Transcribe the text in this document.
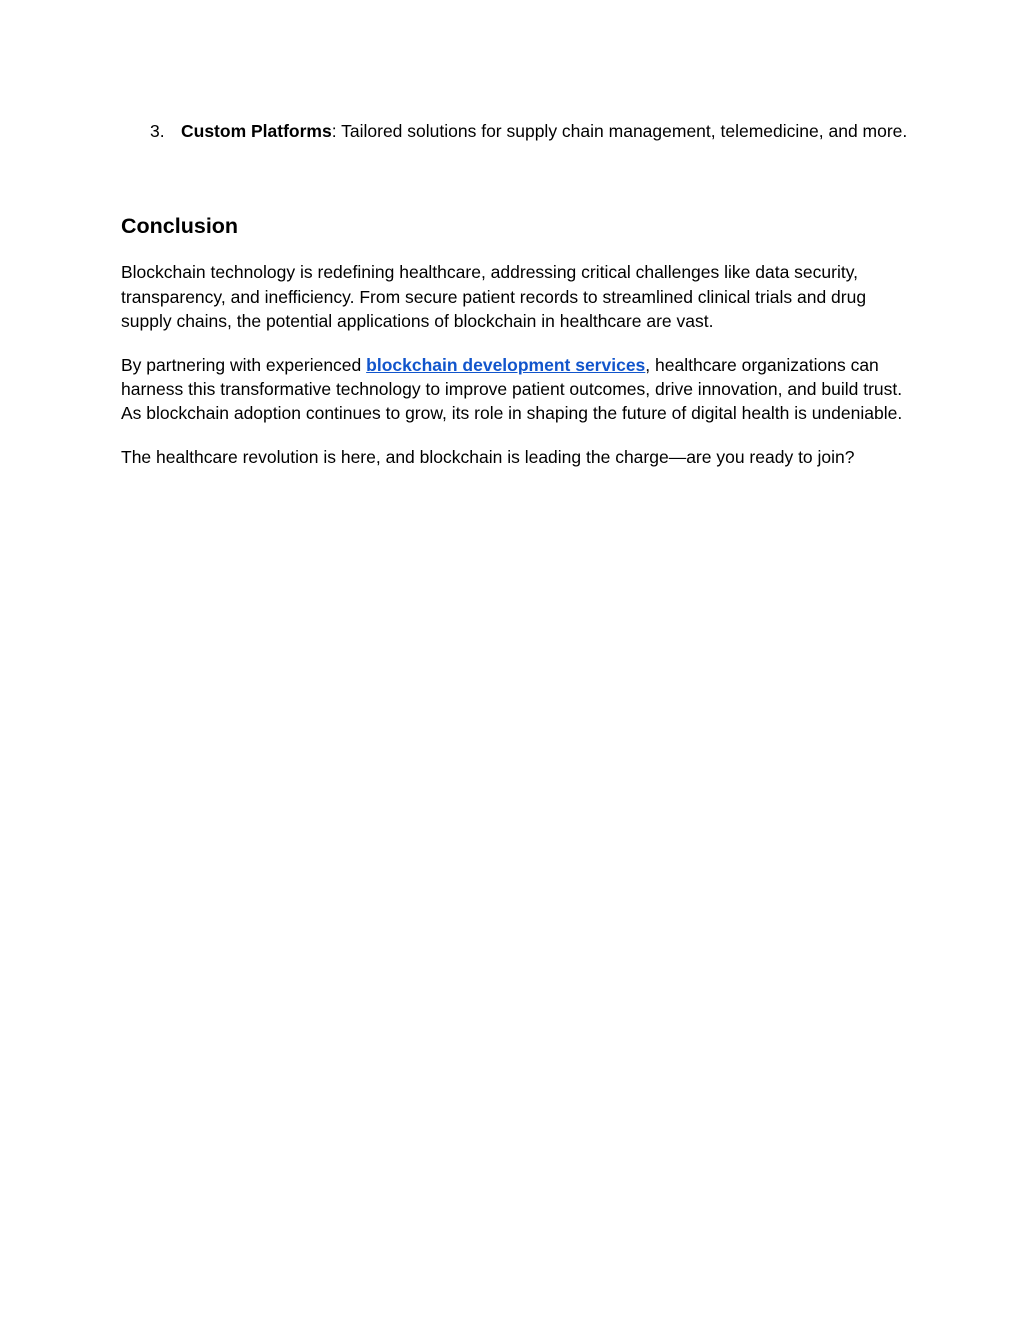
3. Custom Platforms: Tailored solutions for supply chain management, telemedicine, and more.
Conclusion

Blockchain technology is redefining healthcare, addressing critical challenges like data security, transparency, and inefficiency. From secure patient records to streamlined clinical trials and drug supply chains, the potential applications of blockchain in healthcare are vast.

By partnering with experienced blockchain development services, healthcare organizations can harness this transformative technology to improve patient outcomes, drive innovation, and build trust. As blockchain adoption continues to grow, its role in shaping the future of digital health is undeniable.

The healthcare revolution is here, and blockchain is leading the charge—are you ready to join?
